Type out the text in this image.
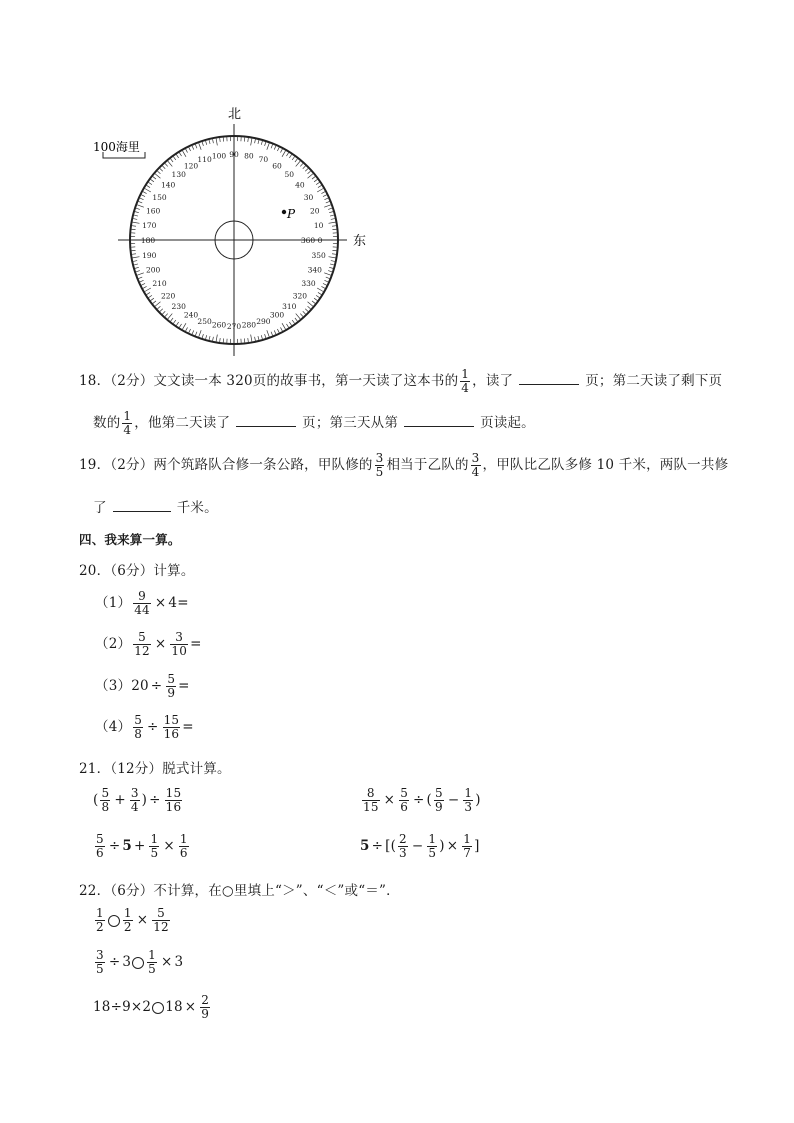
0
10
20
30
40
50
60
70
80
90
100
110
120
130
140
150
160
170
180
190
200
210
220
230
240
250 260 270 280 290
300
310
320
330
340
350
360
北
东
100海里
P
18．（2分）文文读一本 320页的故事书，第一天读了这本书的 $\frac{1}{4}$ ，读了	页；第二天读了剩下页
数的 $\frac{1}{4}$ ，他第二天读了	页；第三天从第	页读起。
19．（2分）两个筑路队合修一条公路，甲队修的 $\frac{3}{5}$ 相当于乙队的 $\frac{3}{4}$ ，甲队比乙队多修 10 千米，两队一共修
了	千米。
四、我来算一算。
20．（6分）计算。
$(1) \frac{9}{44} \times 4=$
$(2) \frac{5}{12} \times \frac{3}{10}$ =
$(3)20 \div \frac{5}{9}$ =
$(4) \frac{5}{8} \div \frac{15}{16}$ =
21．（12分）脱式计算。
( $\frac{5}{8} + \frac{3}{4}$ ) ÷ $\frac{15}{16}$	$\frac{8}{15} \times \frac{5}{6}$ ÷ ( $\frac{5}{9} - \frac{1}{3}$ )
$\frac{5}{6} \div 5 + \frac{1}{5} \times \frac{1}{6}$	5 ÷ [( $\frac{2}{3} - \frac{1}{5}$ ) × $\frac{1}{7}$ ]
22．（6分）不计算，在○里填上“＞”、“＜”或“＝”．
$\frac{1}{2} \frac{1}{2} \times \frac{5}{12}$
$\frac{3}{5} \div 3 \frac{1}{5} \times 3$
18÷9×2 $18 \times \frac{2}{9}$
